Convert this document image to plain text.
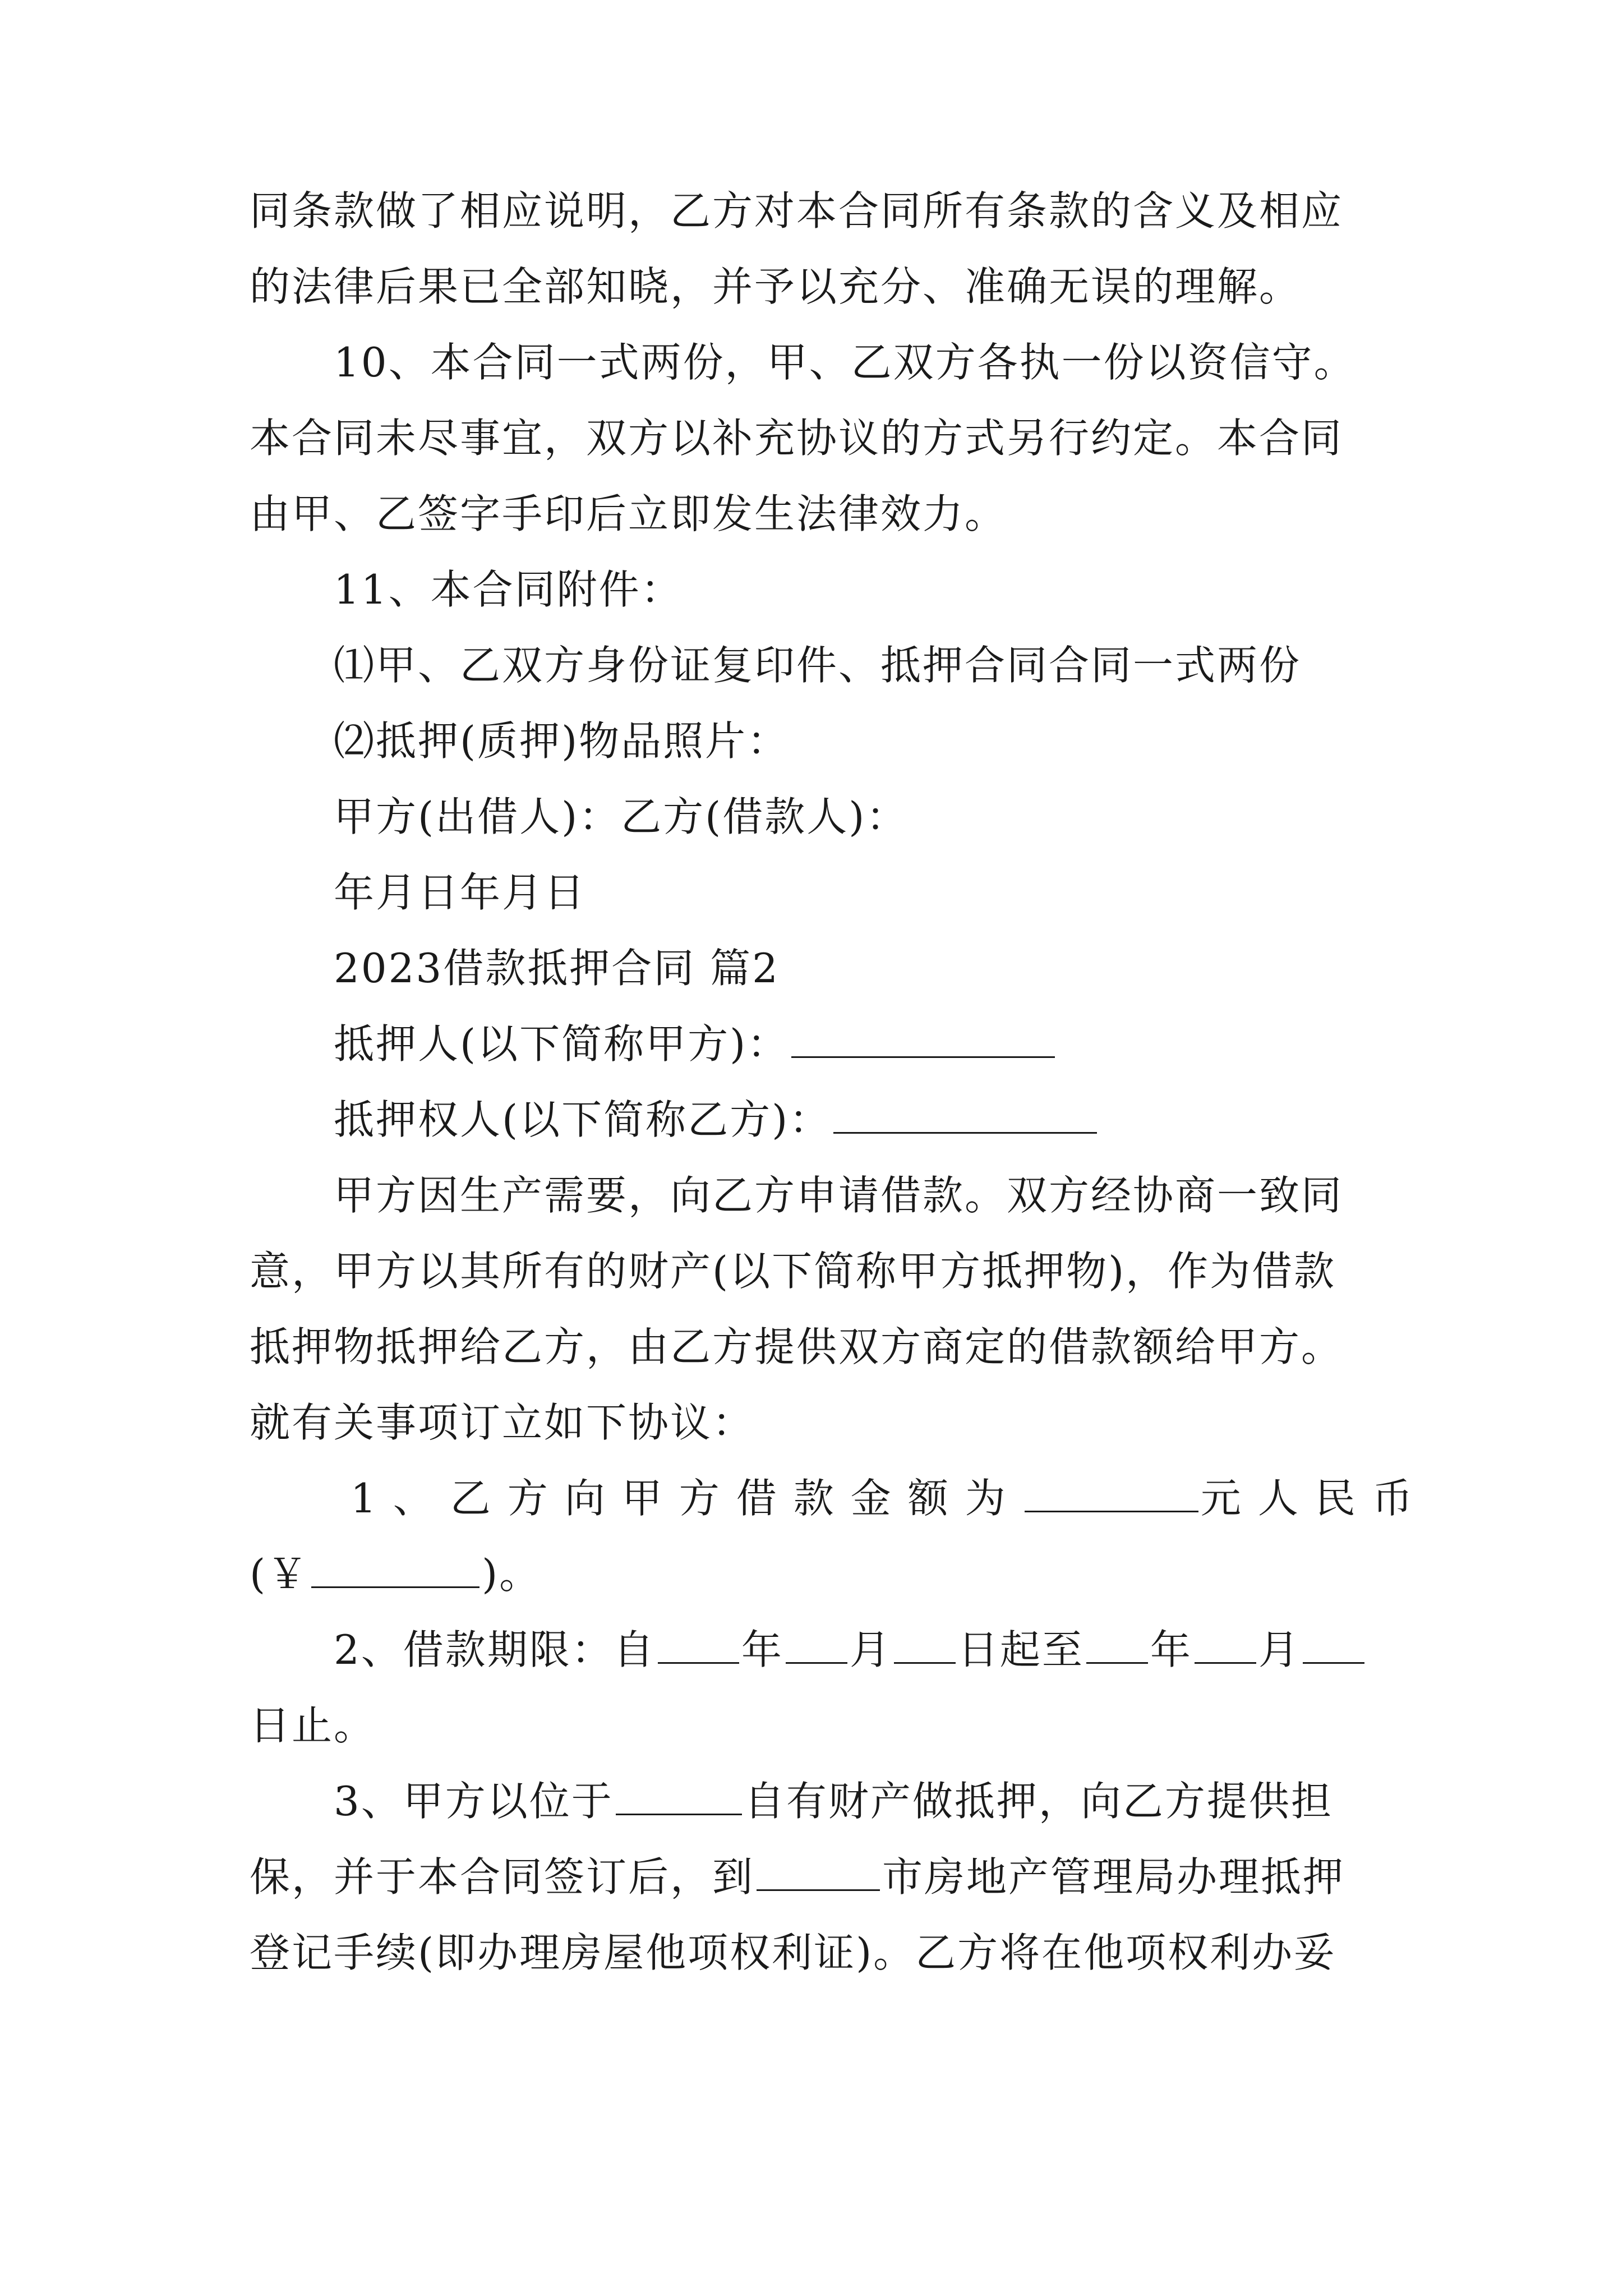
同条款做了相应说明，乙方对本合同所有条款的含义及相应
的法律后果已全部知晓，并予以充分、准确无误的理解。
10、本合同一式两份，甲、乙双方各执一份以资信守。
本合同未尽事宜，双方以补充协议的方式另行约定。本合同
由甲、乙签字手印后立即发生法律效力。
11、本合同附件：
⑴甲、乙双方身份证复印件、抵押合同合同一式两份
⑵抵押(质押)物品照片：
甲方(出借人)：乙方(借款人)：
年月日年月日
2023借款抵押合同 篇2
抵押人(以下简称甲方)：
抵押权人(以下简称乙方)：
甲方因生产需要，向乙方申请借款。双方经协商一致同
意，甲方以其所有的财产(以下简称甲方抵押物)，作为借款
抵押物抵押给乙方，由乙方提供双方商定的借款额给甲方。
就有关事项订立如下协议：
1、乙方向甲方借款金额为	元人民币
(￥	)。
2、借款期限：自 年 月 日起至 年 月
日止。
3、甲方以位于	自有财产做抵押，向乙方提供担
保，并于本合同签订后，到	市房地产管理局办理抵押
登记手续(即办理房屋他项权利证)。乙方将在他项权利办妥
